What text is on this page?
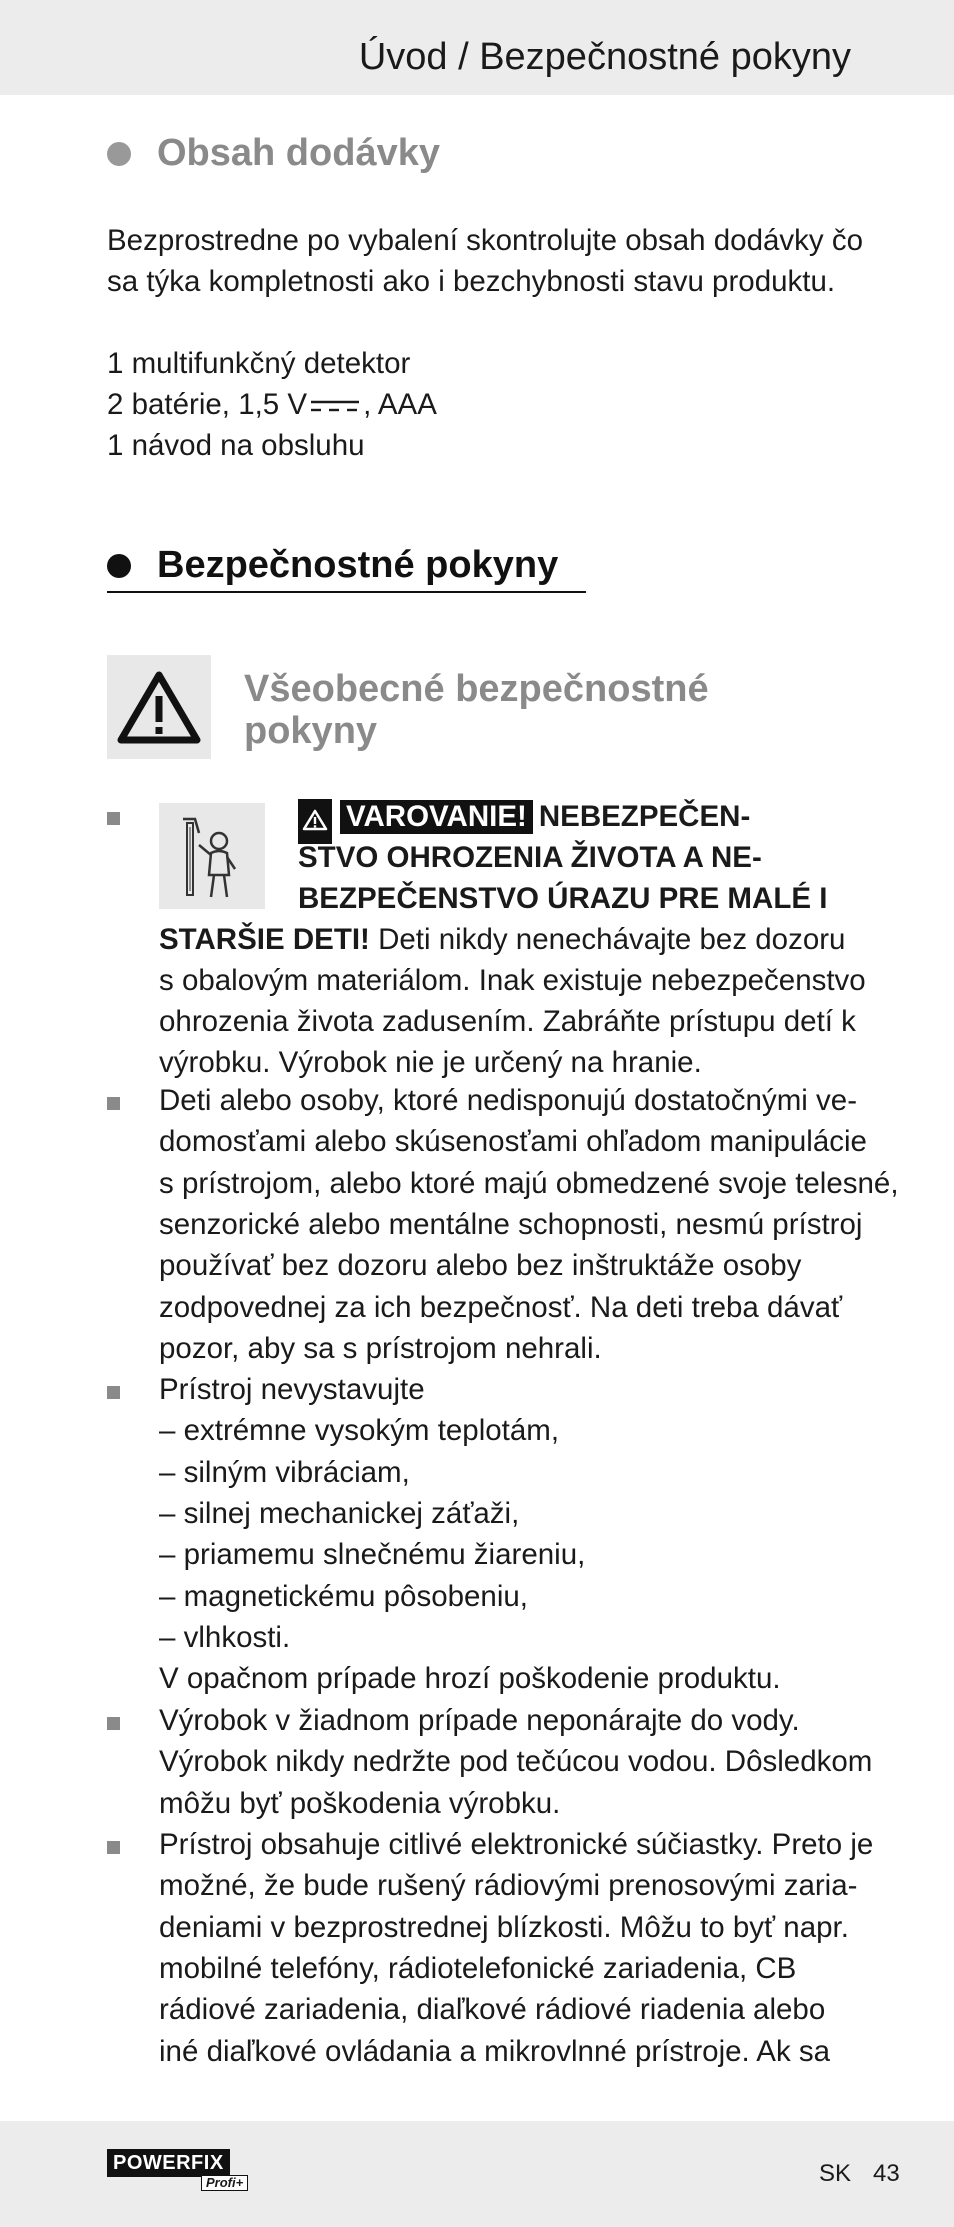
Úvod / Bezpečnostné pokyny
Obsah dodávky
Bezprostredne po vybalení skontrolujte obsah dodávky čo
sa týka kompletnosti ako i bezchybnosti stavu produktu.
1 multifunkčný detektor
2 batérie, 1,5 V , AAA
1 návod na obsluhu
Bezpečnostné pokyny
Všeobecné bezpečnostné
pokyny
VAROVANIE! NEBEZPEČEN-
STVO OHROZENIA ŽIVOTA A NE-
BEZPEČENSTVO ÚRAZU PRE MALÉ I
STARŠIE DETI! Deti nikdy nenechávajte bez dozoru
s obalovým materiálom. Inak existuje nebezpečenstvo
ohrozenia života zadusením. Zabráňte prístupu detí k
výrobku. Výrobok nie je určený na hranie.
Deti alebo osoby, ktoré nedisponujú dostatočnými ve-
domosťami alebo skúsenosťami ohľadom manipulácie
s prístrojom, alebo ktoré majú obmedzené svoje telesné,
senzorické alebo mentálne schopnosti, nesmú prístroj
používať bez dozoru alebo bez inštruktáže osoby
zodpovednej za ich bezpečnosť. Na deti treba dávať
pozor, aby sa s prístrojom nehrali.
Prístroj nevystavujte
– extrémne vysokým teplotám,
– silným vibráciam,
– silnej mechanickej záťaži,
– priamemu slnečnému žiareniu,
– magnetickému pôsobeniu,
– vlhkosti.
V opačnom prípade hrozí poškodenie produktu.
Výrobok v žiadnom prípade neponárajte do vody.
Výrobok nikdy nedržte pod tečúcou vodou. Dôsledkom
môžu byť poškodenia výrobku.
Prístroj obsahuje citlivé elektronické súčiastky. Preto je
možné, že bude rušený rádiovými prenosovými zaria-
deniami v bezprostrednej blízkosti. Môžu to byť napr.
mobilné telefóny, rádiotelefonické zariadenia, CB
rádiové zariadenia, diaľkové rádiové riadenia alebo
iné diaľkové ovládania a mikrovlnné prístroje. Ak sa
POWERFIX
Profi+	SK 43
